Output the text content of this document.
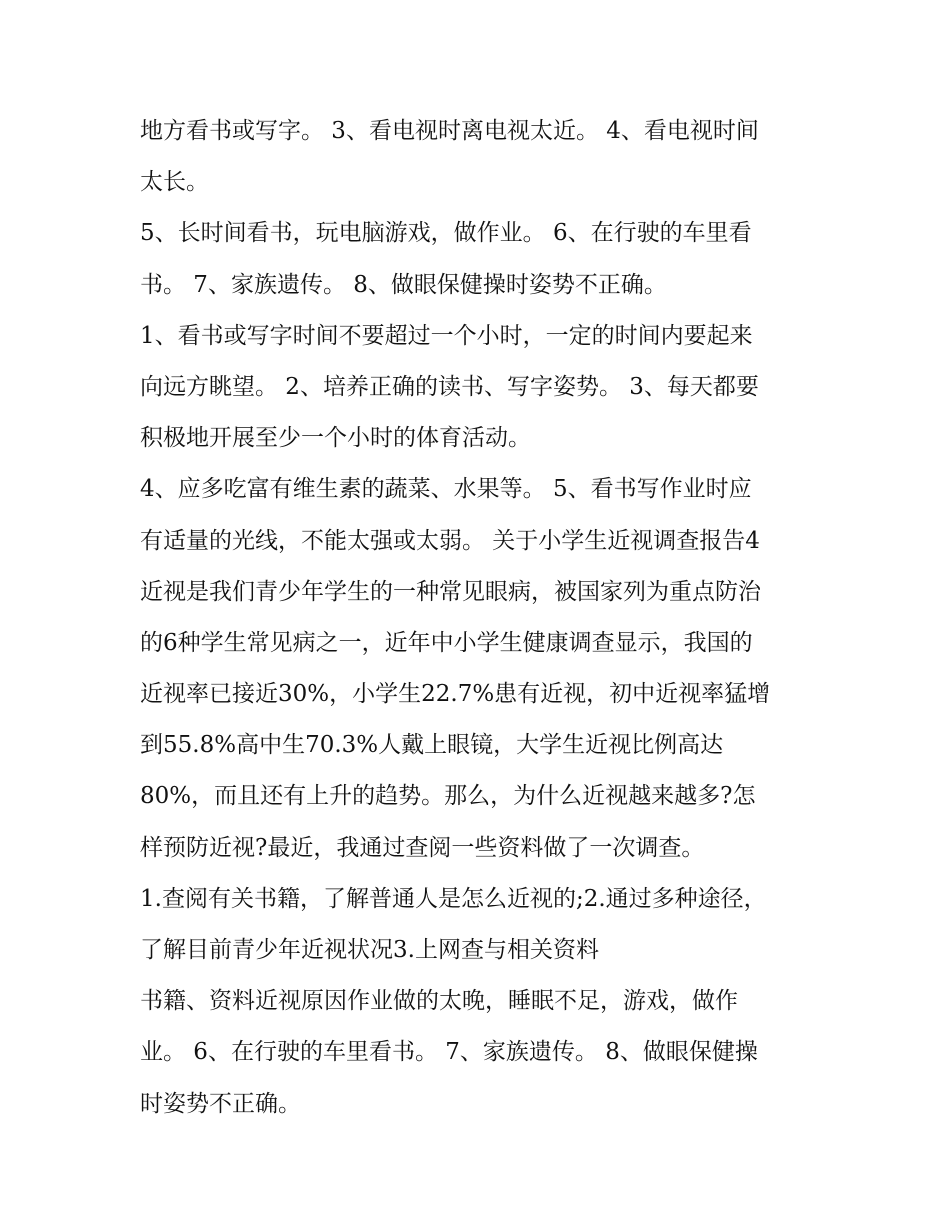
地方看书或写字。 3、看电视时离电视太近。 4、看电视时间
太长。
5、长时间看书，玩电脑游戏，做作业。 6、在行驶的车里看
书。 7、家族遗传。 8、做眼保健操时姿势不正确。
1、看书或写字时间不要超过一个小时，一定的时间内要起来
向远方眺望。 2、培养正确的读书、写字姿势。 3、每天都要
积极地开展至少一个小时的体育活动。
4、应多吃富有维生素的蔬菜、水果等。 5、看书写作业时应
有适量的光线，不能太强或太弱。 关于小学生近视调查报告4
近视是我们青少年学生的一种常见眼病，被国家列为重点防治
的6种学生常见病之一，近年中小学生健康调查显示，我国的
近视率已接近30%，小学生22.7%患有近视，初中近视率猛增
到55.8%高中生70.3%人戴上眼镜，大学生近视比例高达
80%，而且还有上升的趋势。那么，为什么近视越来越多?怎
样预防近视?最近，我通过查阅一些资料做了一次调查。
1.查阅有关书籍，了解普通人是怎么近视的;2.通过多种途径，
了解目前青少年近视状况3.上网查与相关资料
书籍、资料近视原因作业做的太晚，睡眠不足，游戏，做作
业。 6、在行驶的车里看书。 7、家族遗传。 8、做眼保健操
时姿势不正确。
